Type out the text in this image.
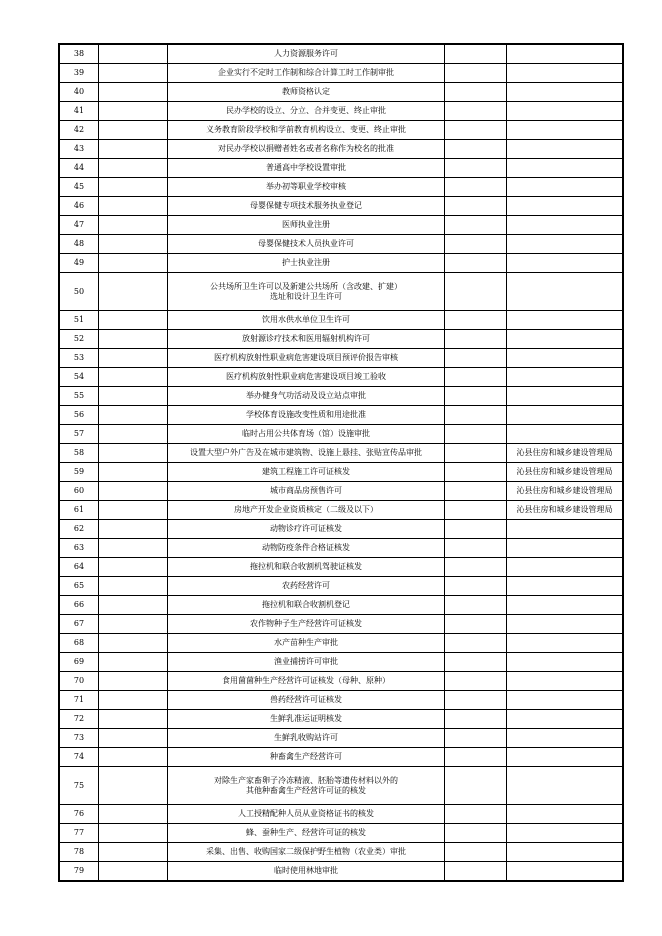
38		人力资源服务许可		

39		企业实行不定时工作制和综合计算工时工作制审批		

40		教师资格认定		

41		民办学校的设立、分立、合并变更、终止审批		

42		义务教育阶段学校和学前教育机构设立、变更、终止审批		

43		对民办学校以捐赠者姓名或者名称作为校名的批准		

44		普通高中学校设置审批		

45		举办初等职业学校审核		

46		母婴保健专项技术服务执业登记		

47		医师执业注册		

48		母婴保健技术人员执业许可		

49		护士执业注册		

50		公共场所卫生许可以及新建公共场所（含改建、扩建）
选址和设计卫生许可		

51		饮用水供水单位卫生许可		

52		放射源诊疗技术和医用辐射机构许可		

53		医疗机构放射性职业病危害建设项目预评价报告审核		

54		医疗机构放射性职业病危害建设项目竣工验收		

55		举办健身气功活动及设立站点审批		

56		学校体育设施改变性质和用途批准		

57		临时占用公共体育场（馆）设施审批		

58		设置大型户外广告及在城市建筑物、设施上悬挂、张贴宣传品审批		沁县住房和城乡建设管理局
59		建筑工程施工许可证核发		沁县住房和城乡建设管理局
60		城市商品房预售许可		沁县住房和城乡建设管理局
61		房地产开发企业资质核定（二级及以下）		沁县住房和城乡建设管理局
62		动物诊疗许可证核发		

63		动物防疫条件合格证核发		

64		拖拉机和联合收割机驾驶证核发		

65		农药经营许可		

66		拖拉机和联合收割机登记		

67		农作物种子生产经营许可证核发		

68		水产苗种生产审批		

69		渔业捕捞许可审批		

70		食用菌菌种生产经营许可证核发（母种、原种）		

71		兽药经营许可证核发		

72		生鲜乳准运证明核发		

73		生鲜乳收购站许可		

74		种畜禽生产经营许可		

75		对除生产家畜卵子冷冻精液、胚胎等遗传材料以外的
其他种畜禽生产经营许可证的核发		

76		人工授精配种人员从业资格证书的核发		

77		蜂、蚕种生产、经营许可证的核发		

78		采集、出售、收购国家二级保护野生植物（农业类）审批		

79		临时使用林地审批		
